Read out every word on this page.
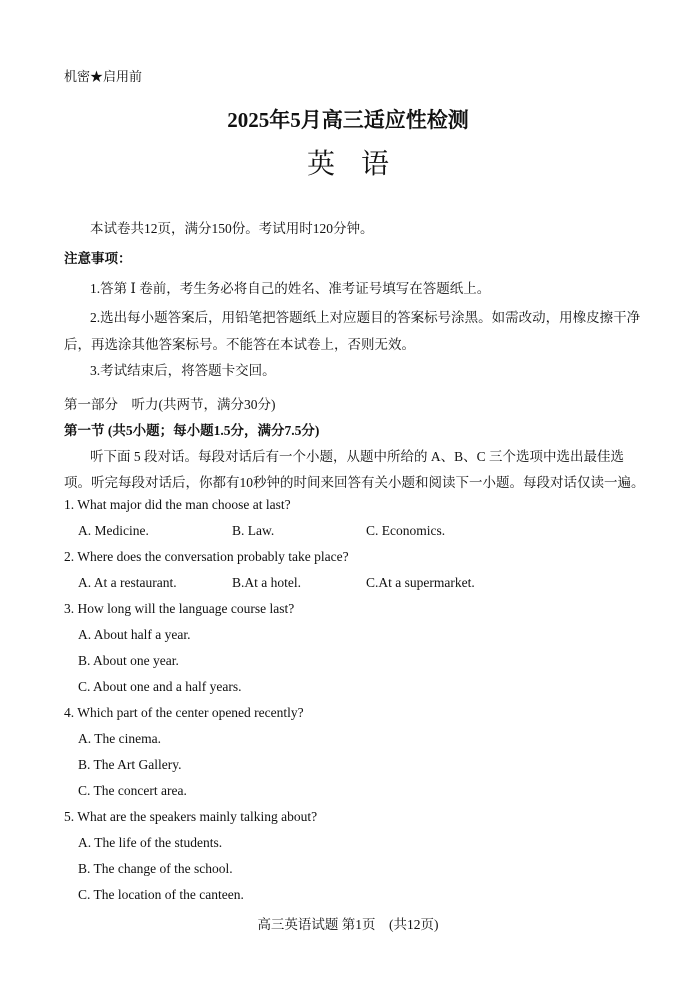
机密★启用前
2025年5月高三适应性检测
英语
本试卷共12页，满分150份。考试用时120分钟。
注意事项：
1.答第 Ⅰ 卷前，考生务必将自己的姓名、准考证号填写在答题纸上。
2.选出每小题答案后，用铅笔把答题纸上对应题目的答案标号涂黑。如需改动，用橡皮擦干净
后，再选涂其他答案标号。不能答在本试卷上，否则无效。
3.考试结束后，将答题卡交回。
第一部分　听力(共两节，满分30分)
第一节 (共5小题；每小题1.5分，满分7.5分)
听下面 5 段对话。每段对话后有一个小题，从题中所给的 A、B、C 三个选项中选出最佳选
项。听完每段对话后，你都有10秒钟的时间来回答有关小题和阅读下一小题。每段对话仅读一遍。
1. What major did the man choose at last?
A. Medicine.	B. Law.	C. Economics.
2. Where does the conversation probably take place?
A. At a restaurant.	B.At a hotel.	C.At a supermarket.
3. How long will the language course last?
A. About half a year.
B. About one year.
C. About one and a half years.
4. Which part of the center opened recently?
A. The cinema.
B. The Art Gallery.
C. The concert area.
5. What are the speakers mainly talking about?
A. The life of the students.
B. The change of the school.
C. The location of the canteen.
高三英语试题 第1页　(共12页)
